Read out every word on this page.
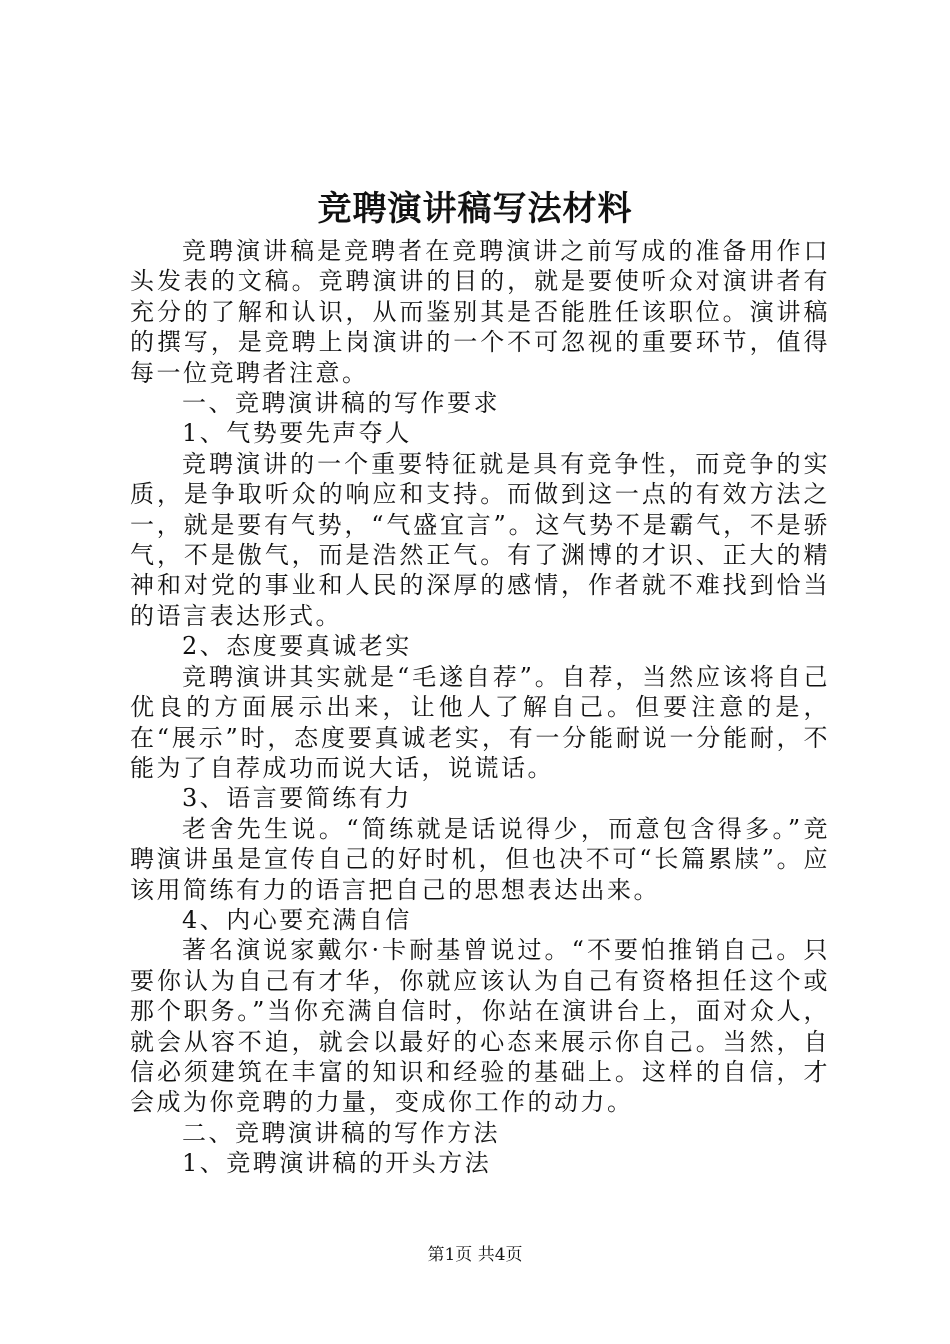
竞聘演讲稿写法材料

竞聘演讲稿是竞聘者在竞聘演讲之前写成的准备用作口头发表的文稿。竞聘演讲的目的，就是要使听众对演讲者有充分的了解和认识，从而鉴别其是否能胜任该职位。演讲稿的撰写，是竞聘上岗演讲的一个不可忽视的重要环节，值得每一位竞聘者注意。

一、竞聘演讲稿的写作要求

1、气势要先声夺人

竞聘演讲的一个重要特征就是具有竞争性，而竞争的实质，是争取听众的响应和支持。而做到这一点的有效方法之一，就是要有气势，“气盛宜言”。这气势不是霸气，不是骄气，不是傲气，而是浩然正气。有了渊博的才识、正大的精神和对党的事业和人民的深厚的感情，作者就不难找到恰当的语言表达形式。

2、态度要真诚老实

竞聘演讲其实就是“毛遂自荐”。自荐，当然应该将自己优良的方面展示出来，让他人了解自己。但要注意的是，在“展示”时，态度要真诚老实，有一分能耐说一分能耐，不能为了自荐成功而说大话，说谎话。

3、语言要简练有力

老舍先生说。“简练就是话说得少，而意包含得多。”竞聘演讲虽是宣传自己的好时机，但也决不可“长篇累牍”。应该用简练有力的语言把自己的思想表达出来。

4、内心要充满自信

著名演说家戴尔·卡耐基曾说过。“不要怕推销自己。只要你认为自己有才华，你就应该认为自己有资格担任这个或那个职务。”当你充满自信时，你站在演讲台上，面对众人，就会从容不迫，就会以最好的心态来展示你自己。当然，自信必须建筑在丰富的知识和经验的基础上。这样的自信，才会成为你竞聘的力量，变成你工作的动力。

二、竞聘演讲稿的写作方法

1、竞聘演讲稿的开头方法

第1页 共4页
